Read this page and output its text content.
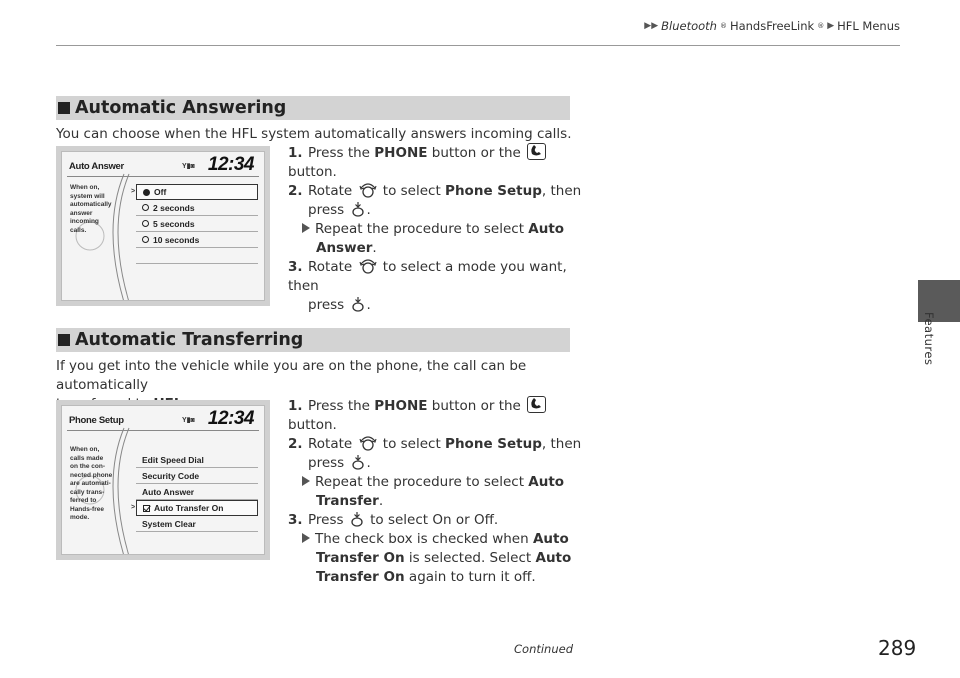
▶▶ Bluetooth ® HandsFreeLink ® ▶ HFL Menus
Features
Automatic Answering
You can choose when the HFL system automatically answers incoming calls.
Auto Answer	Y▮◙ 12:34
When on,
system will
automatically
answer
incoming
calls.
> Off
2 seconds
5 seconds
10 seconds
1. Press the PHONE button or the
button.
2. Rotate  to select Phone Setup, then
press .
Repeat the procedure to select Auto
Answer.
3. Rotate  to select a mode you want, then
press .
Automatic Transferring
If you get into the vehicle while you are on the phone, the call can be automatically
Phone Setup	Y▮◙ 12:34
When on,
calls made
on the con-
nected phone
are automati-
cally trans-
ferred to
Hands-free
mode.
Edit Speed Dial
Security Code
Auto Answer
> Auto Transfer On
System Clear
1. Press the PHONE button or the
button.
2. Rotate  to select Phone Setup, then
press .
Repeat the procedure to select Auto
Transfer.
3. Press  to select On or Off.
The check box is checked when Auto
Transfer On is selected. Select Auto
Transfer On again to turn it off.
Continued	289
